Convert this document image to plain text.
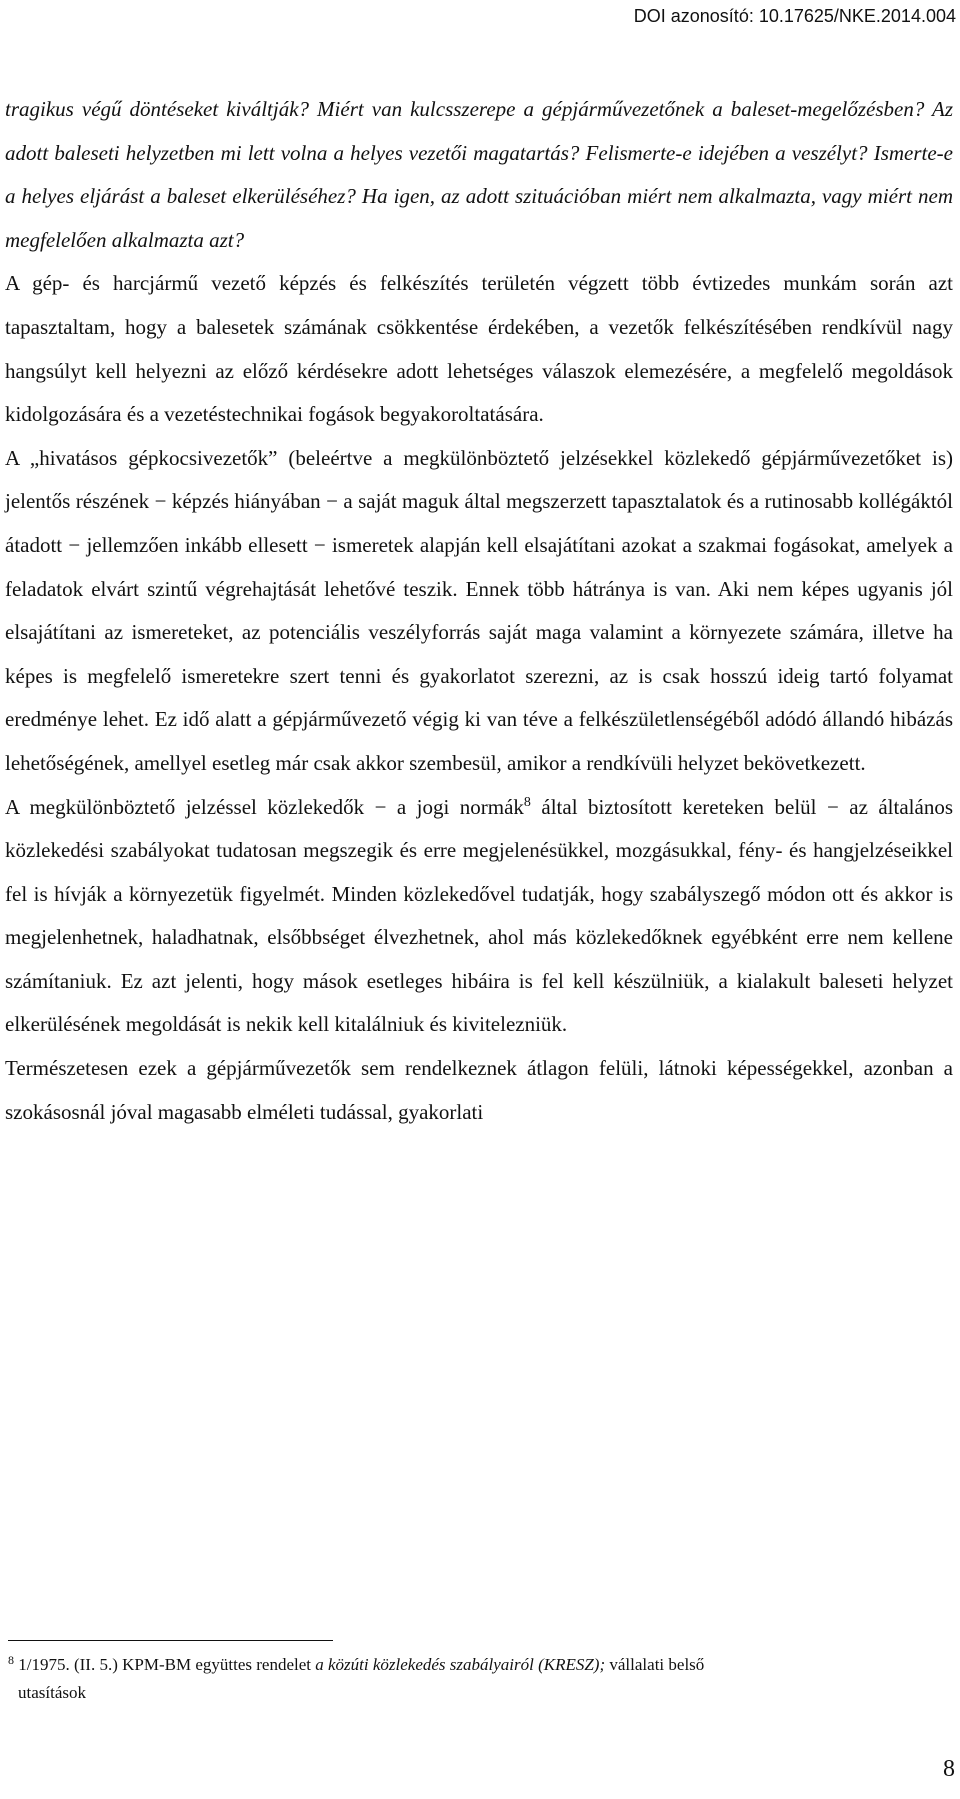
DOI azonosító: 10.17625/NKE.2014.004

tragikus végű döntéseket kiváltják? Miért van kulcsszerepe a gépjárművezetőnek a baleset-megelőzésben? Az adott baleseti helyzetben mi lett volna a helyes vezetői magatartás? Felismerte-e idejében a veszélyt? Ismerte-e a helyes eljárást a baleset elkerüléséhez? Ha igen, az adott szituációban miért nem alkalmazta, vagy miért nem megfelelően alkalmazta azt?

A gép- és harcjármű vezető képzés és felkészítés területén végzett több évtizedes munkám során azt tapasztaltam, hogy a balesetek számának csökkentése érdekében, a vezetők felkészítésében rendkívül nagy hangsúlyt kell helyezni az előző kérdésekre adott lehetséges válaszok elemezésére, a megfelelő megoldások kidolgozására és a vezetéstechnikai fogások begyakoroltatására.

A „hivatásos gépkocsivezetők” (beleértve a megkülönböztető jelzésekkel közlekedő gépjárművezetőket is) jelentős részének − képzés hiányában − a saját maguk által megszerzett tapasztalatok és a rutinosabb kollégáktól átadott − jellemzően inkább ellesett − ismeretek alapján kell elsajátítani azokat a szakmai fogásokat, amelyek a feladatok elvárt szintű végrehajtását lehetővé teszik. Ennek több hátránya is van. Aki nem képes ugyanis jól elsajátítani az ismereteket, az potenciális veszélyforrás saját maga valamint a környezete számára, illetve ha képes is megfelelő ismeretekre szert tenni és gyakorlatot szerezni, az is csak hosszú ideig tartó folyamat eredménye lehet. Ez idő alatt a gépjárművezető végig ki van téve a felkészületlenségéből adódó állandó hibázás lehetőségének, amellyel esetleg már csak akkor szembesül, amikor a rendkívüli helyzet bekövetkezett.

A megkülönböztető jelzéssel közlekedők − a jogi normák$^8$ által biztosított kereteken belül − az általános közlekedési szabályokat tudatosan megszegik és erre megjelenésükkel, mozgásukkal, fény- és hangjelzéseikkel fel is hívják a környezetük figyelmét. Minden közlekedővel tudatják, hogy szabályszegő módon ott és akkor is megjelenhetnek, haladhatnak, elsőbbséget élvezhetnek, ahol más közlekedőknek egyébként erre nem kellene számítaniuk. Ez azt jelenti, hogy mások esetleges hibáira is fel kell készülniük, a kialakult baleseti helyzet elkerülésének megoldását is nekik kell kitalálniuk és kivitelezniük.

Természetesen ezek a gépjárművezetők sem rendelkeznek átlagon felüli, látnoki képességekkel, azonban a szokásosnál jóval magasabb elméleti tudással, gyakorlati

$^8$ 1/1975. (II. 5.) KPM-BM együttes rendelet a közúti közlekedés szabályairól (KRESZ); vállalati belső
utasítások
8
